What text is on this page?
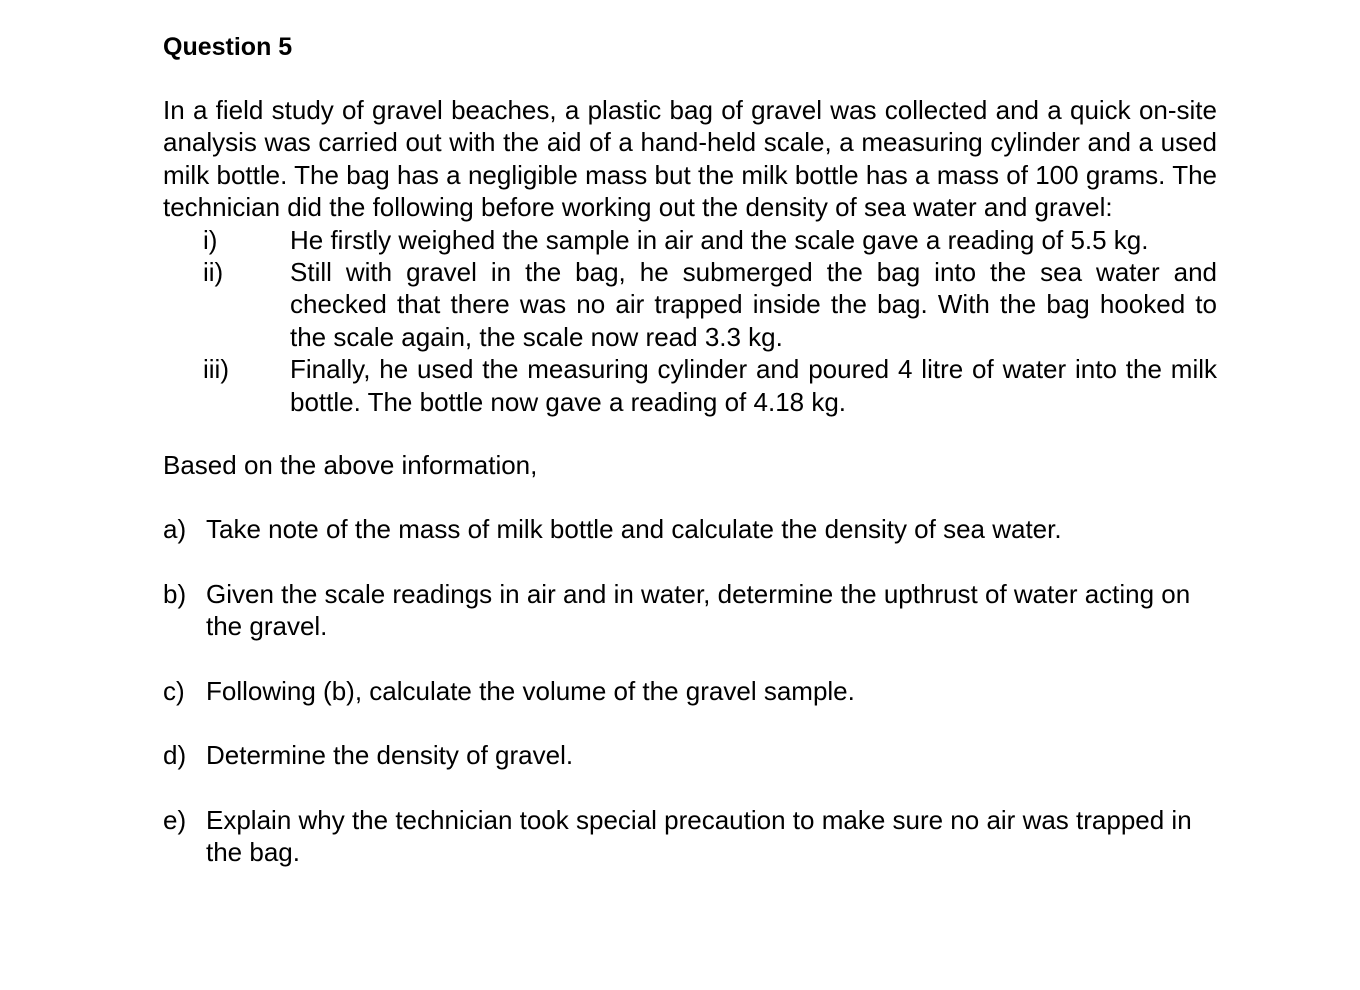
Question 5

In a field study of gravel beaches, a plastic bag of gravel was collected and a quick on-site analysis was carried out with the aid of a hand-held scale, a measuring cylinder and a used milk bottle. The bag has a negligible mass but the milk bottle has a mass of 100 grams. The technician did the following before working out the density of sea water and gravel:

i)	He firstly weighed the sample in air and the scale gave a reading of 5.5 kg.
ii)	Still with gravel in the bag, he submerged the bag into the sea water and checked that there was no air trapped inside the bag. With the bag hooked to the scale again, the scale now read 3.3 kg.
iii)	Finally, he used the measuring cylinder and poured 4 litre of water into the milk bottle. The bottle now gave a reading of 4.18 kg.

Based on the above information,

a) Take note of the mass of milk bottle and calculate the density of sea water.
b) Given the scale readings in air and in water, determine the upthrust of water acting on the gravel.
c) Following (b), calculate the volume of the gravel sample.
d) Determine the density of gravel.
e) Explain why the technician took special precaution to make sure no air was trapped in the bag.
